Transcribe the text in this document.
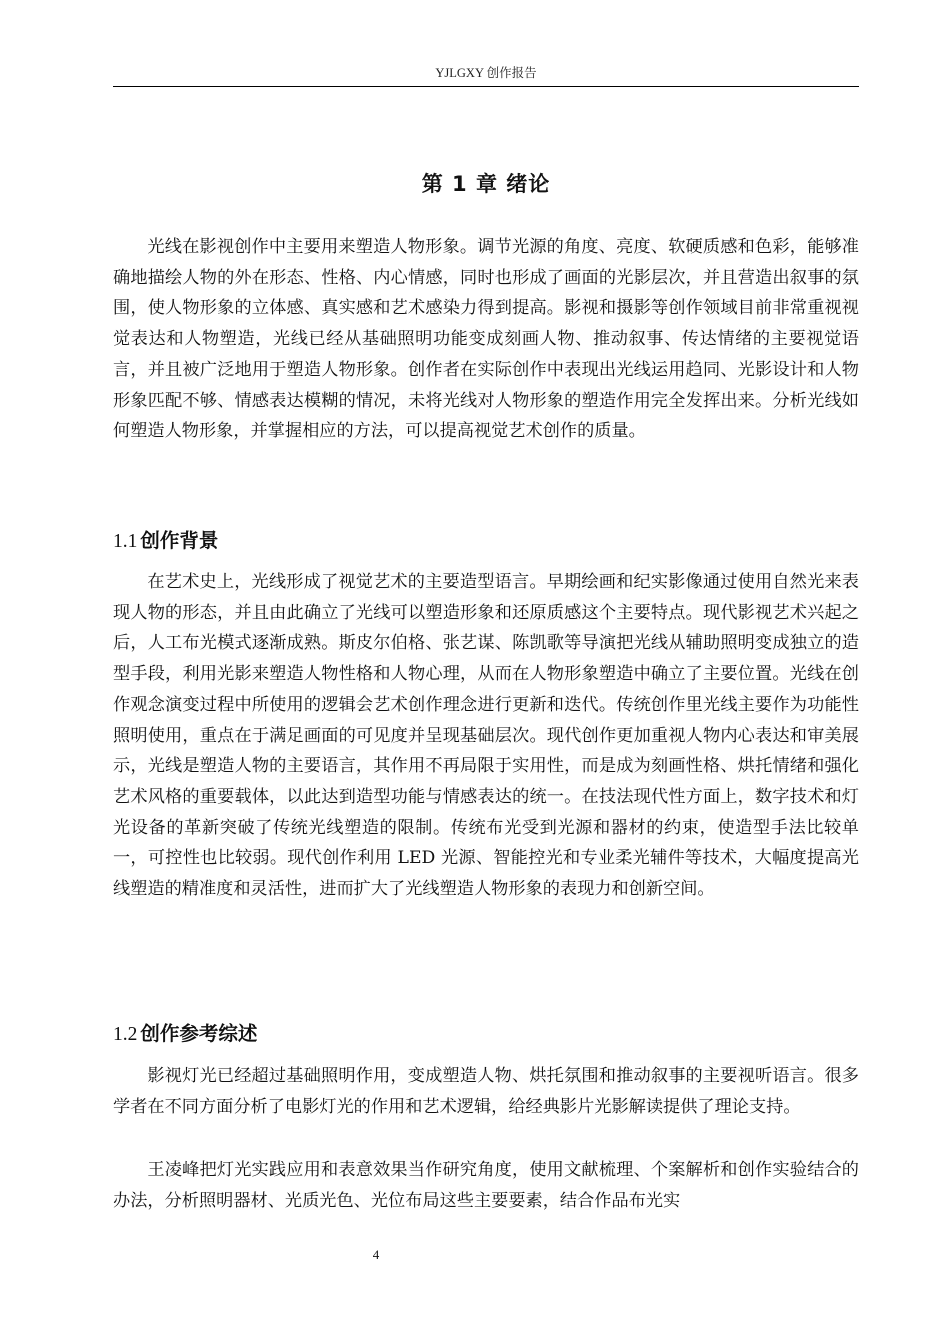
YJLGXY 创作报告
第 1 章 绪论

光线在影视创作中主要用来塑造人物形象。调节光源的角度、亮度、软硬质感和色彩，能够准确地描绘人物的外在形态、性格、内心情感，同时也形成了画面的光影层次，并且营造出叙事的氛围，使人物形象的立体感、真实感和艺术感染力得到提高。影视和摄影等创作领域目前非常重视视觉表达和人物塑造，光线已经从基础照明功能变成刻画人物、推动叙事、传达情绪的主要视觉语言，并且被广泛地用于塑造人物形象。创作者在实际创作中表现出光线运用趋同、光影设计和人物形象匹配不够、情感表达模糊的情况，未将光线对人物形象的塑造作用完全发挥出来。分析光线如何塑造人物形象，并掌握相应的方法，可以提高视觉艺术创作的质量。

1.1 创作背景

在艺术史上，光线形成了视觉艺术的主要造型语言。早期绘画和纪实影像通过使用自然光来表现人物的形态，并且由此确立了光线可以塑造形象和还原质感这个主要特点。现代影视艺术兴起之后，人工布光模式逐渐成熟。斯皮尔伯格、张艺谋、陈凯歌等导演把光线从辅助照明变成独立的造型手段，利用光影来塑造人物性格和人物心理，从而在人物形象塑造中确立了主要位置。光线在创作观念演变过程中所使用的逻辑会艺术创作理念进行更新和迭代。传统创作里光线主要作为功能性照明使用，重点在于满足画面的可见度并呈现基础层次。现代创作更加重视人物内心表达和审美展示，光线是塑造人物的主要语言，其作用不再局限于实用性，而是成为刻画性格、烘托情绪和强化艺术风格的重要载体，以此达到造型功能与情感表达的统一。在技法现代性方面上，数字技术和灯光设备的革新突破了传统光线塑造的限制。传统布光受到光源和器材的约束，使造型手法比较单一，可控性也比较弱。现代创作利用 LED 光源、智能控光和专业柔光辅件等技术，大幅度提高光线塑造的精准度和灵活性，进而扩大了光线塑造人物形象的表现力和创新空间。

1.2 创作参考综述

影视灯光已经超过基础照明作用，变成塑造人物、烘托氛围和推动叙事的主要视听语言。很多学者在不同方面分析了电影灯光的作用和艺术逻辑，给经典影片光影解读提供了理论支持。

王凌峰把灯光实践应用和表意效果当作研究角度，使用文献梳理、个案解析和创作实验结合的办法，分析照明器材、光质光色、光位布局这些主要要素，结合作品布光实

4
